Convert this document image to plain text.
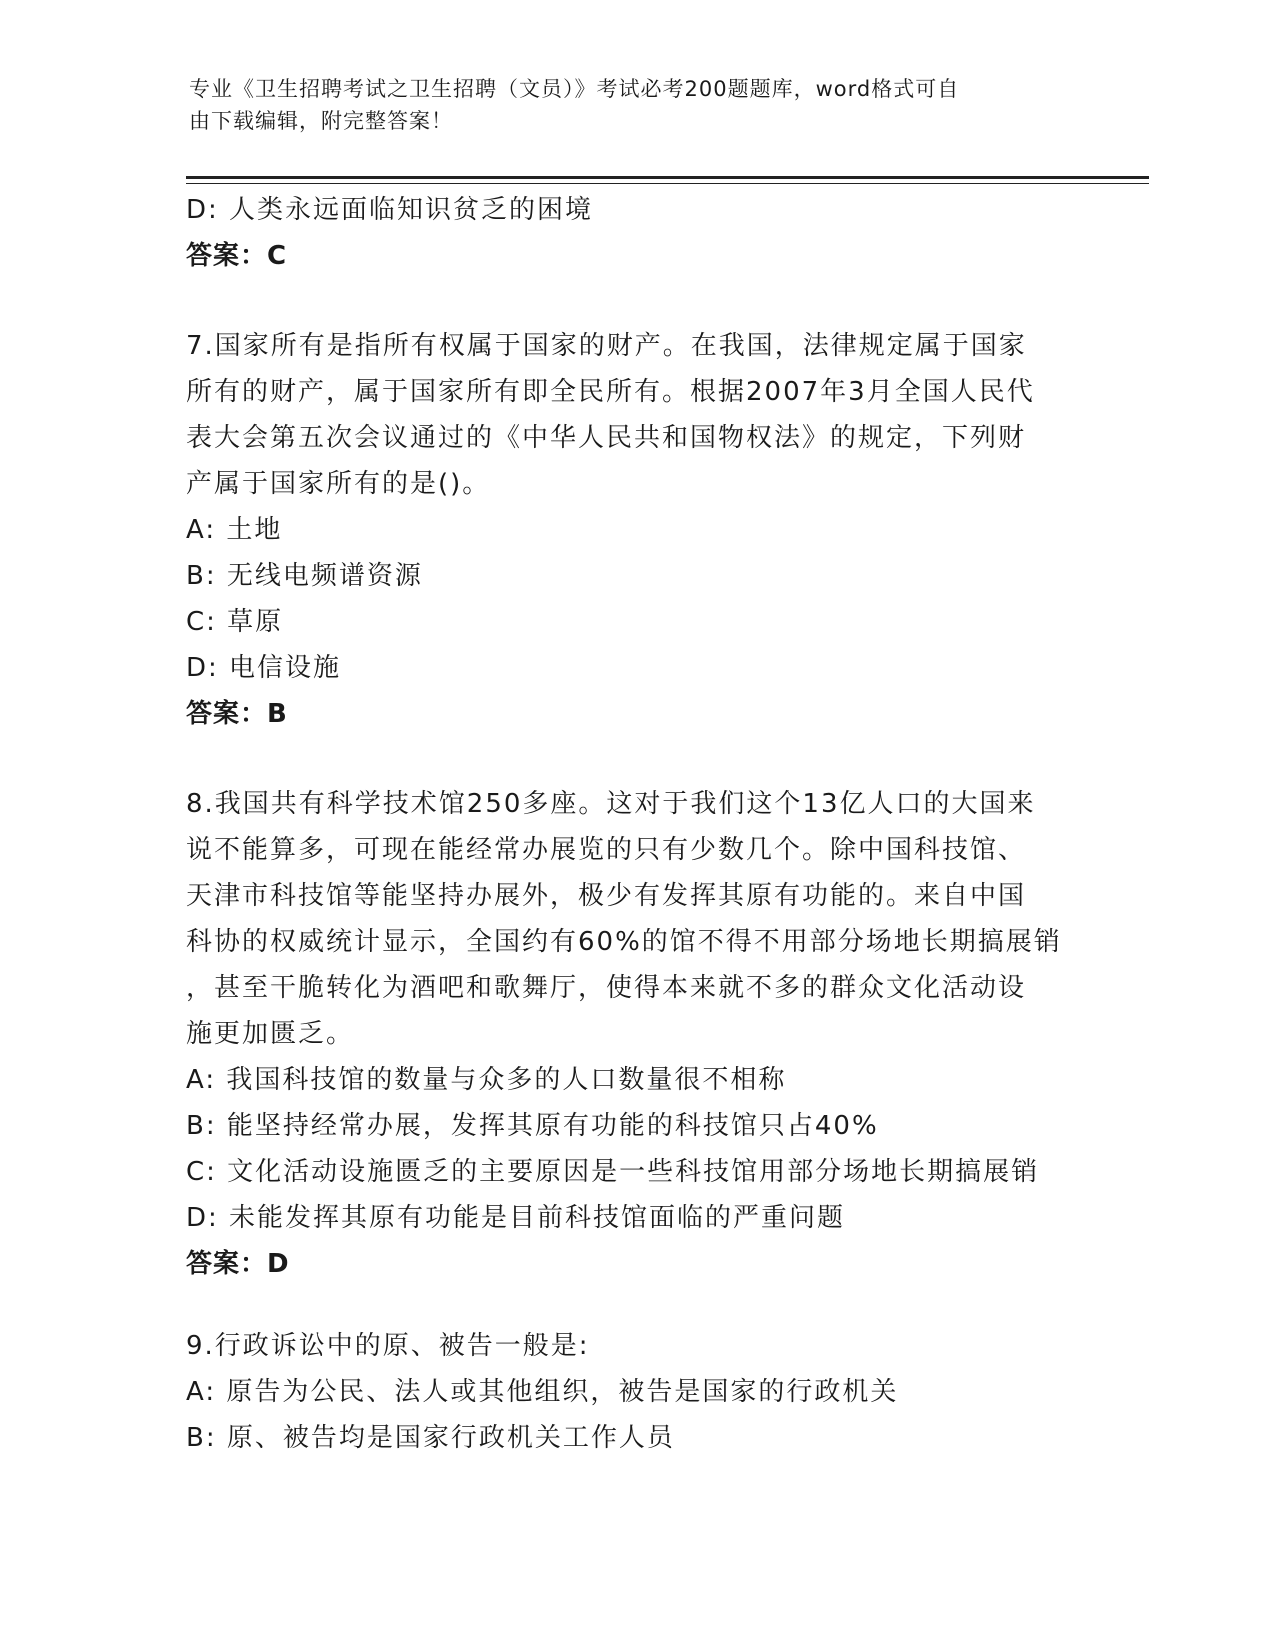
专业《卫生招聘考试之卫生招聘（文员）》考试必考200题题库，word格式可自
由下载编辑，附完整答案！
D: 人类永远面临知识贫乏的困境
答案：C
7.国家所有是指所有权属于国家的财产。在我国，法律规定属于国家
所有的财产，属于国家所有即全民所有。根据2007年3月全国人民代
表大会第五次会议通过的《中华人民共和国物权法》的规定，下列财
产属于国家所有的是()。
A: 土地
B: 无线电频谱资源
C: 草原
D: 电信设施
答案：B
8.我国共有科学技术馆250多座。这对于我们这个13亿人口的大国来
说不能算多，可现在能经常办展览的只有少数几个。除中国科技馆、
天津市科技馆等能坚持办展外，极少有发挥其原有功能的。来自中国
科协的权威统计显示，全国约有60%的馆不得不用部分场地长期搞展销
，甚至干脆转化为酒吧和歌舞厅，使得本来就不多的群众文化活动设
施更加匮乏。
A: 我国科技馆的数量与众多的人口数量很不相称
B: 能坚持经常办展，发挥其原有功能的科技馆只占40%
C: 文化活动设施匮乏的主要原因是一些科技馆用部分场地长期搞展销
D: 未能发挥其原有功能是目前科技馆面临的严重问题
答案：D
9.行政诉讼中的原、被告一般是:
A: 原告为公民、法人或其他组织，被告是国家的行政机关
B: 原、被告均是国家行政机关工作人员
